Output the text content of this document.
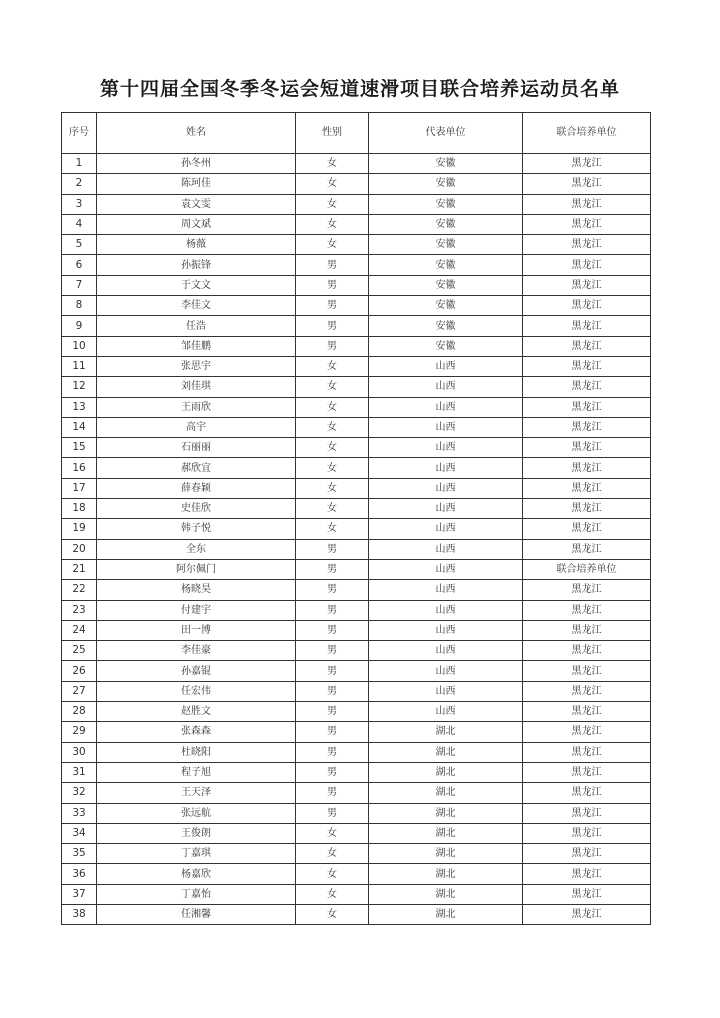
第十四届全国冬季冬运会短道速滑项目联合培养运动员名单
序号	姓名	性别	代表单位	联合培养单位
1	孙冬州	女	安徽	黑龙江
2	陈珂佳	女	安徽	黑龙江
3	袁文雯	女	安徽	黑龙江
4	周文斌	女	安徽	黑龙江
5	杨薇	女	安徽	黑龙江
6	孙振锋	男	安徽	黑龙江
7	于文文	男	安徽	黑龙江
8	李佳文	男	安徽	黑龙江
9	任浩	男	安徽	黑龙江
10	邹佳鹏	男	安徽	黑龙江
11	张思宇	女	山西	黑龙江
12	刘佳琪	女	山西	黑龙江
13	王雨欣	女	山西	黑龙江
14	高宇	女	山西	黑龙江
15	石丽丽	女	山西	黑龙江
16	郝欣宜	女	山西	黑龙江
17	薛春颖	女	山西	黑龙江
18	史佳欣	女	山西	黑龙江
19	韩子悦	女	山西	黑龙江
20	全东	男	山西	黑龙江
21	阿尔佩门	男	山西	联合培养单位
22	杨晓昊	男	山西	黑龙江
23	付建宇	男	山西	黑龙江
24	田一博	男	山西	黑龙江
25	李佳豪	男	山西	黑龙江
26	孙嘉锟	男	山西	黑龙江
27	任宏伟	男	山西	黑龙江
28	赵胜文	男	山西	黑龙江
29	张森森	男	湖北	黑龙江
30	杜晓阳	男	湖北	黑龙江
31	程子旭	男	湖北	黑龙江
32	王天泽	男	湖北	黑龙江
33	张远航	男	湖北	黑龙江
34	王俊朗	女	湖北	黑龙江
35	丁嘉琪	女	湖北	黑龙江
36	杨嘉欣	女	湖北	黑龙江
37	丁嘉怡	女	湖北	黑龙江
38	任湘馨	女	湖北	黑龙江
